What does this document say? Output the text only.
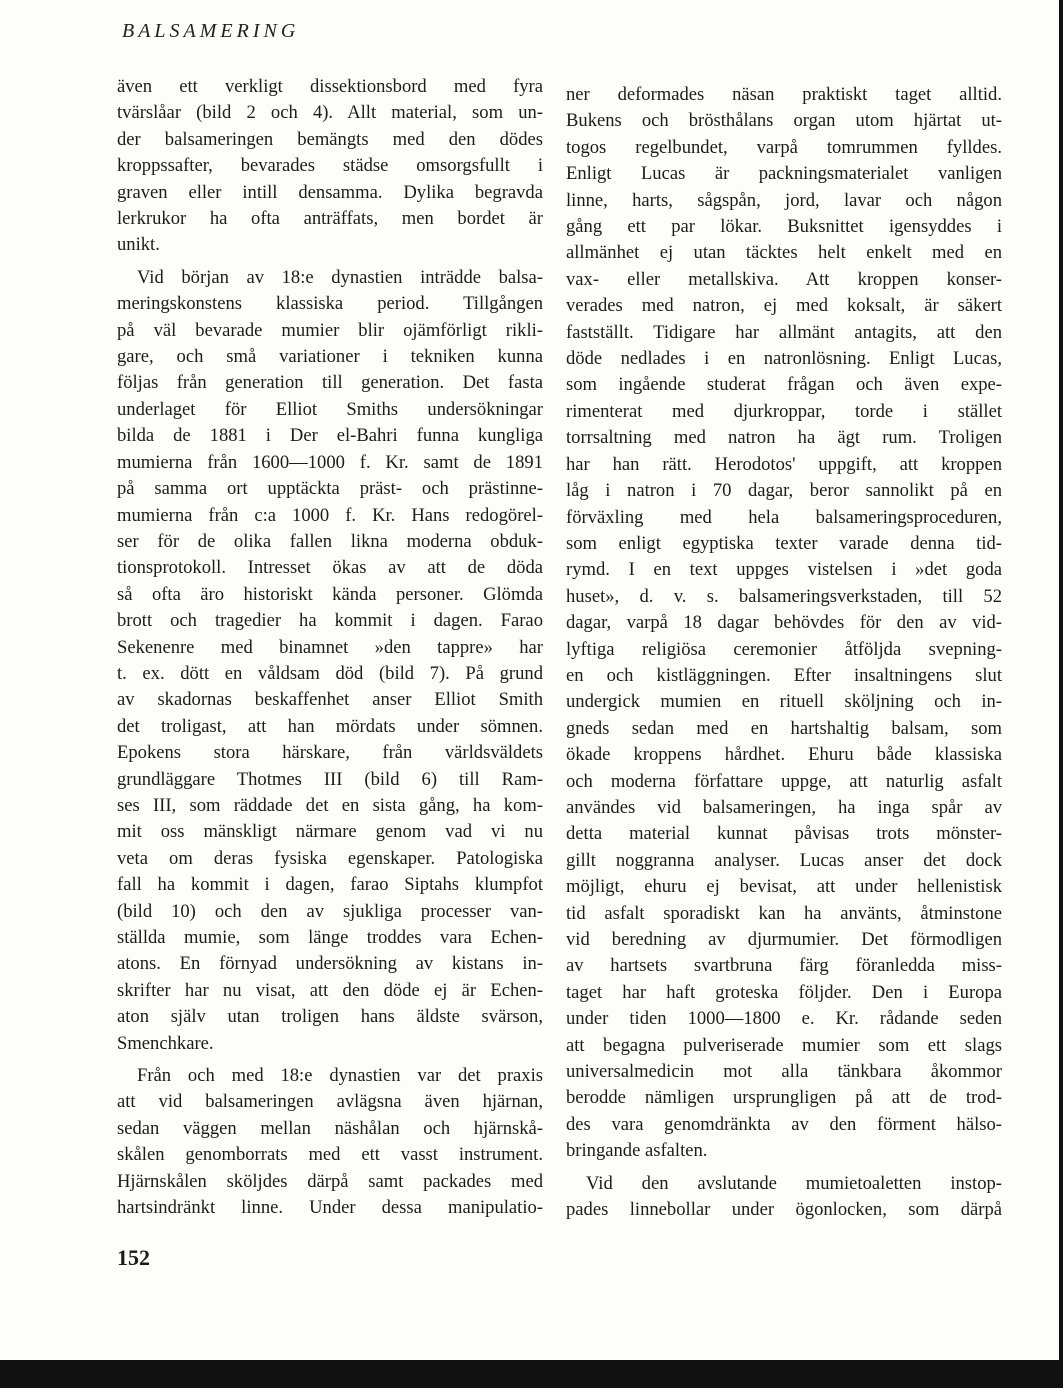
BALSAMERING

även ett verkligt dissektionsbord med fyra
tvärslåar (bild 2 och 4). Allt material, som un-
der balsameringen bemängts med den dödes
kroppssafter, bevarades städse omsorgsfullt i
graven eller intill densamma. Dylika begravda
lerkrukor ha ofta anträffats, men bordet är
unikt.

Vid början av 18:e dynastien inträdde balsa-
meringskonstens klassiska period. Tillgången
på väl bevarade mumier blir ojämförligt rikli-
gare, och små variationer i tekniken kunna
följas från generation till generation. Det fasta
underlaget för Elliot Smiths undersökningar
bilda de 1881 i Der el-Bahri funna kungliga
mumierna från 1600—1000 f. Kr. samt de 1891
på samma ort upptäckta präst- och prästinne-
mumierna från c:a 1000 f. Kr. Hans redogörel-
ser för de olika fallen likna moderna obduk-
tionsprotokoll. Intresset ökas av att de döda
så ofta äro historiskt kända personer. Glömda
brott och tragedier ha kommit i dagen. Farao
Sekenenre med binamnet »den tappre» har
t. ex. dött en våldsam död (bild 7). På grund
av skadornas beskaffenhet anser Elliot Smith
det troligast, att han mördats under sömnen.
Epokens stora härskare, från världsväldets
grundläggare Thotmes III (bild 6) till Ram-
ses III, som räddade det en sista gång, ha kom-
mit oss mänskligt närmare genom vad vi nu
veta om deras fysiska egenskaper. Patologiska
fall ha kommit i dagen, farao Siptahs klumpfot
(bild 10) och den av sjukliga processer van-
ställda mumie, som länge troddes vara Echen-
atons. En förnyad undersökning av kistans in-
skrifter har nu visat, att den döde ej är Echen-
aton själv utan troligen hans äldste svärson,
Smenchkare.

Från och med 18:e dynastien var det praxis
att vid balsameringen avlägsna även hjärnan,
sedan väggen mellan näshålan och hjärnskå-
skålen genomborrats med ett vasst instrument.
Hjärnskålen sköljdes därpå samt packades med
hartsindränkt linne. Under dessa manipulatio-

ner deformades näsan praktiskt taget alltid.
Bukens och brösthålans organ utom hjärtat ut-
togos regelbundet, varpå tomrummen fylldes.
Enligt Lucas är packningsmaterialet vanligen
linne, harts, sågspån, jord, lavar och någon
gång ett par lökar. Buksnittet igensyddes i
allmänhet ej utan täcktes helt enkelt med en
vax- eller metallskiva. Att kroppen konser-
verades med natron, ej med koksalt, är säkert
fastställt. Tidigare har allmänt antagits, att den
döde nedlades i en natronlösning. Enligt Lucas,
som ingående studerat frågan och även expe-
rimenterat med djurkroppar, torde i stället
torrsaltning med natron ha ägt rum. Troligen
har han rätt. Herodotos' uppgift, att kroppen
låg i natron i 70 dagar, beror sannolikt på en
förväxling med hela balsameringsproceduren,
som enligt egyptiska texter varade denna tid-
rymd. I en text uppges vistelsen i »det goda
huset», d. v. s. balsameringsverkstaden, till 52
dagar, varpå 18 dagar behövdes för den av vid-
lyftiga religiösa ceremonier åtföljda svepning-
en och kistläggningen. Efter insaltningens slut
undergick mumien en rituell sköljning och in-
gneds sedan med en hartshaltig balsam, som
ökade kroppens hårdhet. Ehuru både klassiska
och moderna författare uppge, att naturlig asfalt
användes vid balsameringen, ha inga spår av
detta material kunnat påvisas trots mönster-
gillt noggranna analyser. Lucas anser det dock
möjligt, ehuru ej bevisat, att under hellenistisk
tid asfalt sporadiskt kan ha använts, åtminstone
vid beredning av djurmumier. Det förmodligen
av hartsets svartbruna färg föranledda miss-
taget har haft groteska följder. Den i Europa
under tiden 1000—1800 e. Kr. rådande seden
att begagna pulveriserade mumier som ett slags
universalmedicin mot alla tänkbara åkommor
berodde nämligen ursprungligen på att de trod-
des vara genomdränkta av den förment hälso-
bringande asfalten.

Vid den avslutande mumietoaletten instop-
pades linnebollar under ögonlocken, som därpå

152
